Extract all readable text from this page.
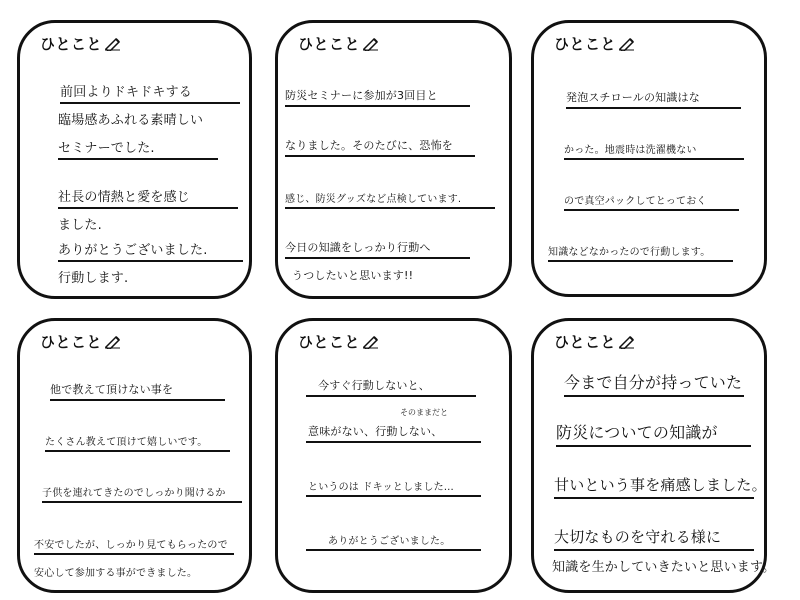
ひとこと
前回よりドキドキする
臨場感あふれる素晴しい
セミナーでした.
社長の情熱と愛を感じ
ました.
ありがとうございました.
行動します.
ひとこと
防災セミナーに参加が3回目と
なりました。そのたびに、恐怖を
感じ、防災グッズなど点検しています.
今日の知識をしっかり行動へ
うつしたいと思います!!
ひとこと
発泡スチロールの知識はな
かった。地震時は洗濯機ない
ので真空パックしてとっておく
知識などなかったので行動します。
ひとこと
他で教えて頂けない事を
たくさん教えて頂けて嬉しいです。
子供を連れてきたのでしっかり聞けるか
不安でしたが、しっかり見てもらったので
安心して参加する事ができました。
ひとこと
今すぐ行動しないと、
そのままだと
意味がない、行動しない、
というのは ドキッとしました…
ありがとうございました。
ひとこと
今まで自分が持っていた
防災についての知識が
甘いという事を痛感しました。
大切なものを守れる様に
知識を生かしていきたいと思います。
